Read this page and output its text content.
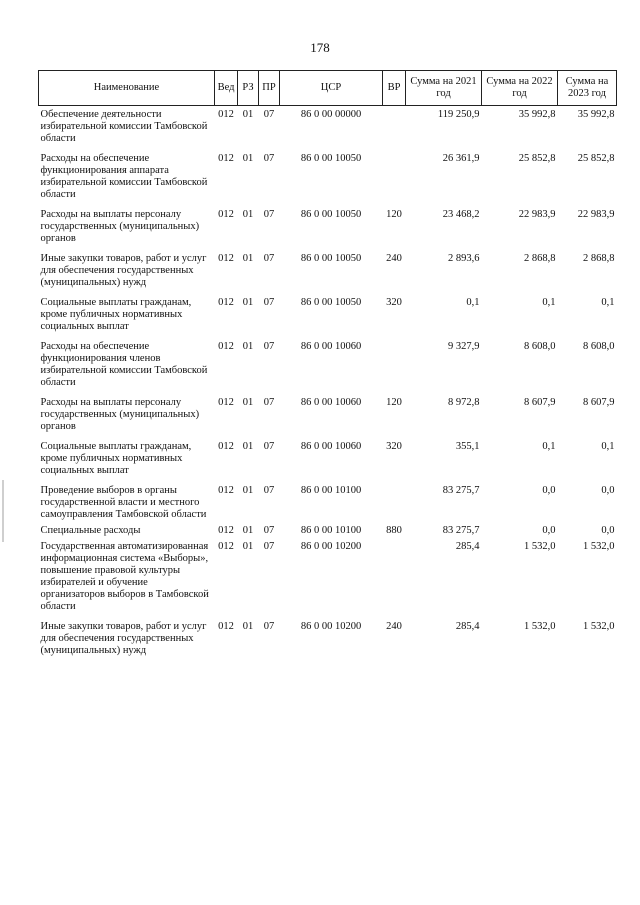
178
Наименование	Вед	РЗ	ПР	ЦСР	ВР	Сумма на 2021 год	Сумма на 2022 год	Сумма на 2023 год
Обеспечение деятельности избирательной комиссии Тамбовской области	012	01	07	86 0 00 00000		119 250,9	35 992,8	35 992,8
Расходы на обеспечение функционирования аппарата избирательной комиссии Тамбовской области	012	01	07	86 0 00 10050		26 361,9	25 852,8	25 852,8
Расходы на выплаты персоналу государственных (муниципальных) органов	012	01	07	86 0 00 10050	120	23 468,2	22 983,9	22 983,9
Иные закупки товаров, работ и услуг для обеспечения государственных (муниципальных) нужд	012	01	07	86 0 00 10050	240	2 893,6	2 868,8	2 868,8
Социальные выплаты гражданам, кроме публичных нормативных социальных выплат	012	01	07	86 0 00 10050	320	0,1	0,1	0,1
Расходы на обеспечение функционирования членов избирательной комиссии Тамбовской области	012	01	07	86 0 00 10060		9 327,9	8 608,0	8 608,0
Расходы на выплаты персоналу государственных (муниципальных) органов	012	01	07	86 0 00 10060	120	8 972,8	8 607,9	8 607,9
Социальные выплаты гражданам, кроме публичных нормативных социальных выплат	012	01	07	86 0 00 10060	320	355,1	0,1	0,1
Проведение выборов в органы государственной власти и местного самоуправления Тамбовской области	012	01	07	86 0 00 10100		83 275,7	0,0	0,0
Специальные расходы	012	01	07	86 0 00 10100	880	83 275,7	0,0	0,0
Государственная автоматизированная информационная система «Выборы», повышение правовой культуры избирателей и обучение организаторов выборов в Тамбовской области	012	01	07	86 0 00 10200		285,4	1 532,0	1 532,0
Иные закупки товаров, работ и услуг для обеспечения государственных (муниципальных) нужд	012	01	07	86 0 00 10200	240	285,4	1 532,0	1 532,0
